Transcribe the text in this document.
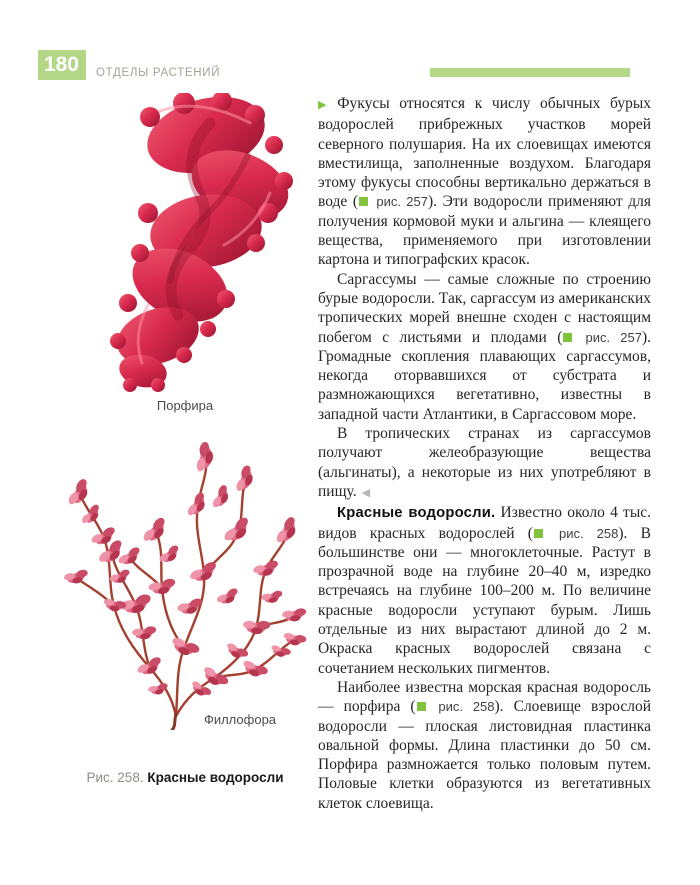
180	ОТДЕЛЫ РАСТЕНИЙ
Порфира
Филлофора
Рис. 258. Красные водоросли

▶ Фукусы относятся к числу обычных бурых водорослей прибрежных участков морей северного полушария. На их слоевищах имеются вместилища, заполненные воздухом. Благодаря этому фукусы способны вертикально держаться в воде ( рис. 257). Эти водоросли применяют для получения кормовой муки и альгина — клеящего вещества, применяемого при изготовлении картона и типографских красок.

Саргассумы — самые сложные по строению бурые водоросли. Так, саргассум из американских тропических морей внешне сходен с настоящим побегом с листьями и плодами ( рис. 257). Громадные скопления плавающих саргассумов, некогда оторвавшихся от субстрата и размножающихся вегетативно, известны в западной части Атлантики, в Саргассовом море.

В тропических странах из саргассумов получают желеобразующие вещества (альгинаты), а некоторые из них употребляют в пищу. ◀

Красные водоросли. Известно около 4 тыс. видов красных водорослей ( рис. 258). В большинстве они — многоклеточные. Растут в прозрачной воде на глубине 20–40 м, изредко встречаясь на глубине 100–200 м. По величине красные водоросли уступают бурым. Лишь отдельные из них вырастают длиной до 2 м. Окраска красных водорослей связана с сочетанием нескольких пигментов.

Наиболее известна морская красная водоросль — порфира ( рис. 258). Слоевище взрослой водоросли — плоская листовидная пластинка овальной формы. Длина пластинки до 50 см. Порфира размножается только половым путем. Половые клетки образуются из вегетативных клеток слоевища.
